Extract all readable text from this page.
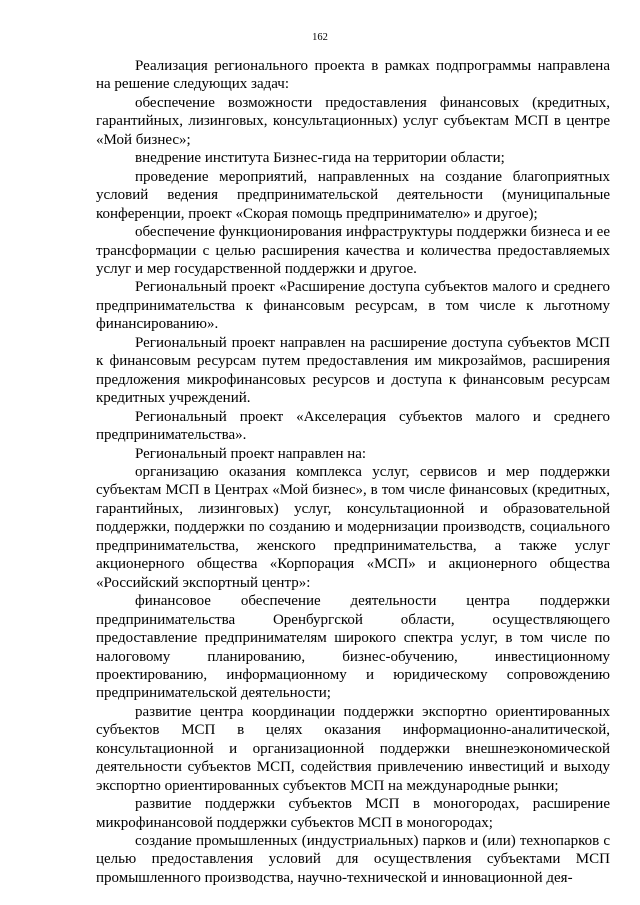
162

Реализация регионального проекта в рамках подпрограммы направлена на решение следующих задач:

обеспечение возможности предоставления финансовых (кредитных, гарантийных, лизинговых, консультационных) услуг субъектам МСП в центре «Мой бизнес»;

внедрение института Бизнес-гида на территории области;

проведение мероприятий, направленных на создание благоприятных условий ведения предпринимательской деятельности (муниципальные конференции, проект «Скорая помощь предпринимателю» и другое);

обеспечение функционирования инфраструктуры поддержки бизнеса и ее трансформации с целью расширения качества и количества предоставляемых услуг и мер государственной поддержки и другое.

Региональный проект «Расширение доступа субъектов малого и среднего предпринимательства к финансовым ресурсам, в том числе к льготному финансированию».

Региональный проект направлен на расширение доступа субъектов МСП к финансовым ресурсам путем предоставления им микрозаймов, расширения предложения микрофинансовых ресурсов и доступа к финансовым ресурсам кредитных учреждений.

Региональный проект «Акселерация субъектов малого и среднего предпринимательства».

Региональный проект направлен на:

организацию оказания комплекса услуг, сервисов и мер поддержки субъектам МСП в Центрах «Мой бизнес», в том числе финансовых (кредитных, гарантийных, лизинговых) услуг, консультационной и образовательной поддержки, поддержки по созданию и модернизации производств, социального предпринимательства, женского предпринимательства, а также услуг акционерного общества «Корпорация «МСП» и акционерного общества «Российский экспортный центр»:

финансовое обеспечение деятельности центра поддержки предпринимательства Оренбургской области, осуществляющего предоставление предпринимателям широкого спектра услуг, в том числе по налоговому планированию, бизнес-обучению, инвестиционному проектированию, информационному и юридическому сопровождению предпринимательской деятельности;

развитие центра координации поддержки экспортно ориентированных субъектов МСП в целях оказания информационно-аналитической, консультационной и организационной поддержки внешнеэкономической деятельности субъектов МСП, содействия привлечению инвестиций и выходу экспортно ориентированных субъектов МСП на международные рынки;

развитие поддержки субъектов МСП в моногородах, расширение микрофинансовой поддержки субъектов МСП в моногородах;

создание промышленных (индустриальных) парков и (или) технопарков с целью предоставления условий для осуществления субъектами МСП промышленного производства, научно-технической и инновационной дея-
